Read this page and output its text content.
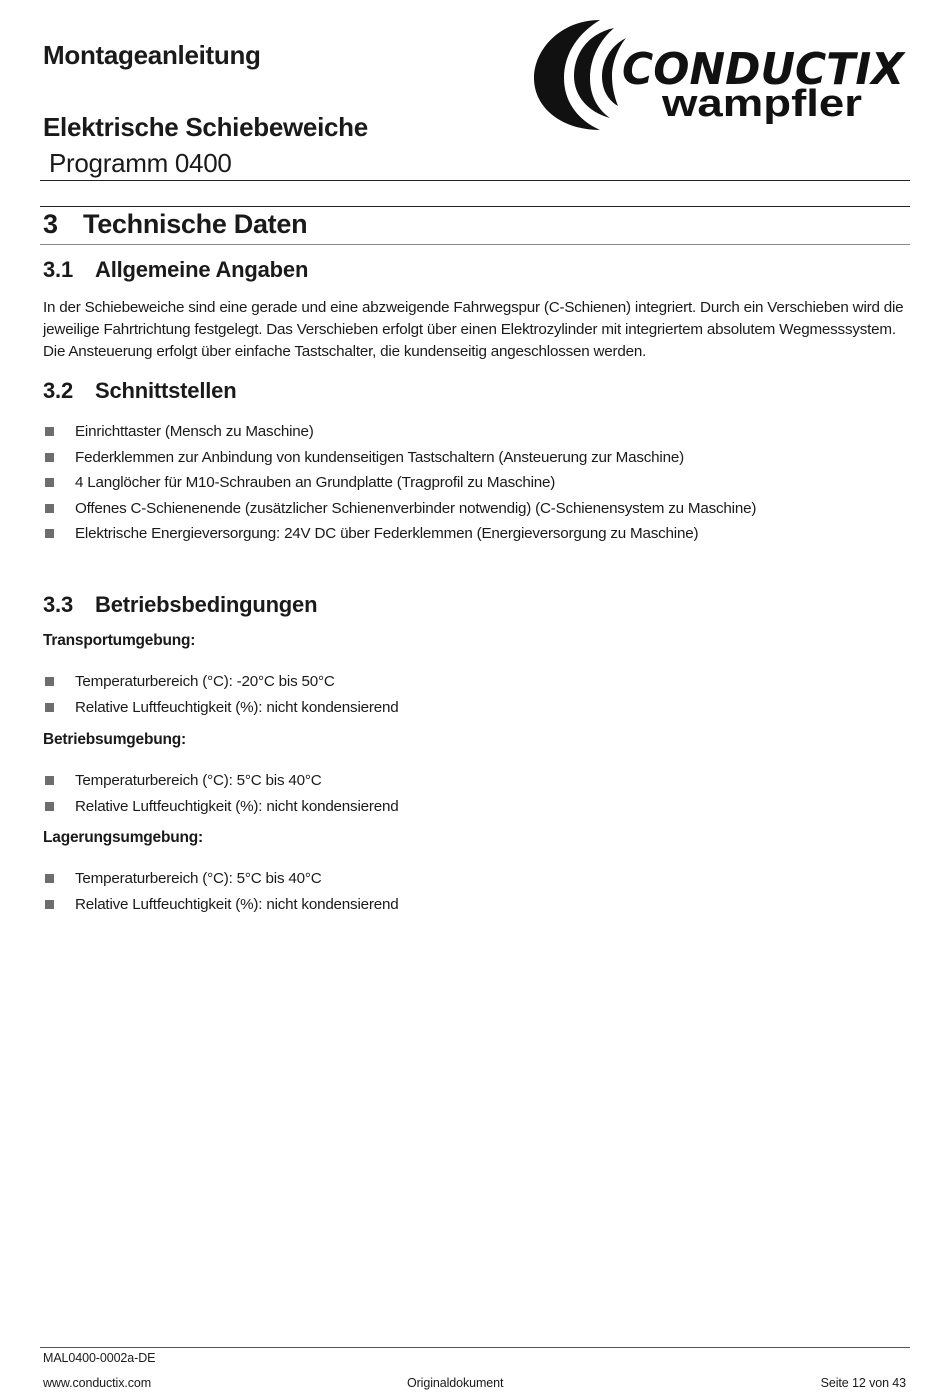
Montageanleitung
Elektrische Schiebeweiche
Programm 0400
CONDUCTIX
wampfler
3 Technische Daten
3.1 Allgemeine Angaben

In der Schiebeweiche sind eine gerade und eine abzweigende Fahrwegspur (C-Schienen) integriert. Durch ein Verschieben wird die

jeweilige Fahrtrichtung festgelegt. Das Verschieben erfolgt über einen Elektrozylinder mit integriertem absolutem Wegmesssystem.

Die Ansteuerung erfolgt über einfache Tastschalter, die kundenseitig angeschlossen werden.

3.2 Schnittstellen
Einrichttaster (Mensch zu Maschine)
Federklemmen zur Anbindung von kundenseitigen Tastschaltern (Ansteuerung zur Maschine)
4 Langlöcher für M10-Schrauben an Grundplatte (Tragprofil zu Maschine)
Offenes C-Schienenende (zusätzlicher Schienenverbinder notwendig) (C-Schienensystem zu Maschine)
Elektrische Energieversorgung: 24V DC über Federklemmen (Energieversorgung zu Maschine)
3.3 Betriebsbedingungen
Transportumgebung:
Temperaturbereich (°C): -20°C bis 50°C
Relative Luftfeuchtigkeit (%): nicht kondensierend
Betriebsumgebung:
Temperaturbereich (°C): 5°C bis 40°C
Relative Luftfeuchtigkeit (%): nicht kondensierend
Lagerungsumgebung:
Temperaturbereich (°C): 5°C bis 40°C
Relative Luftfeuchtigkeit (%): nicht kondensierend
MAL0400-0002a-DE
www.conductix.com	Originaldokument	Seite 12 von 43
